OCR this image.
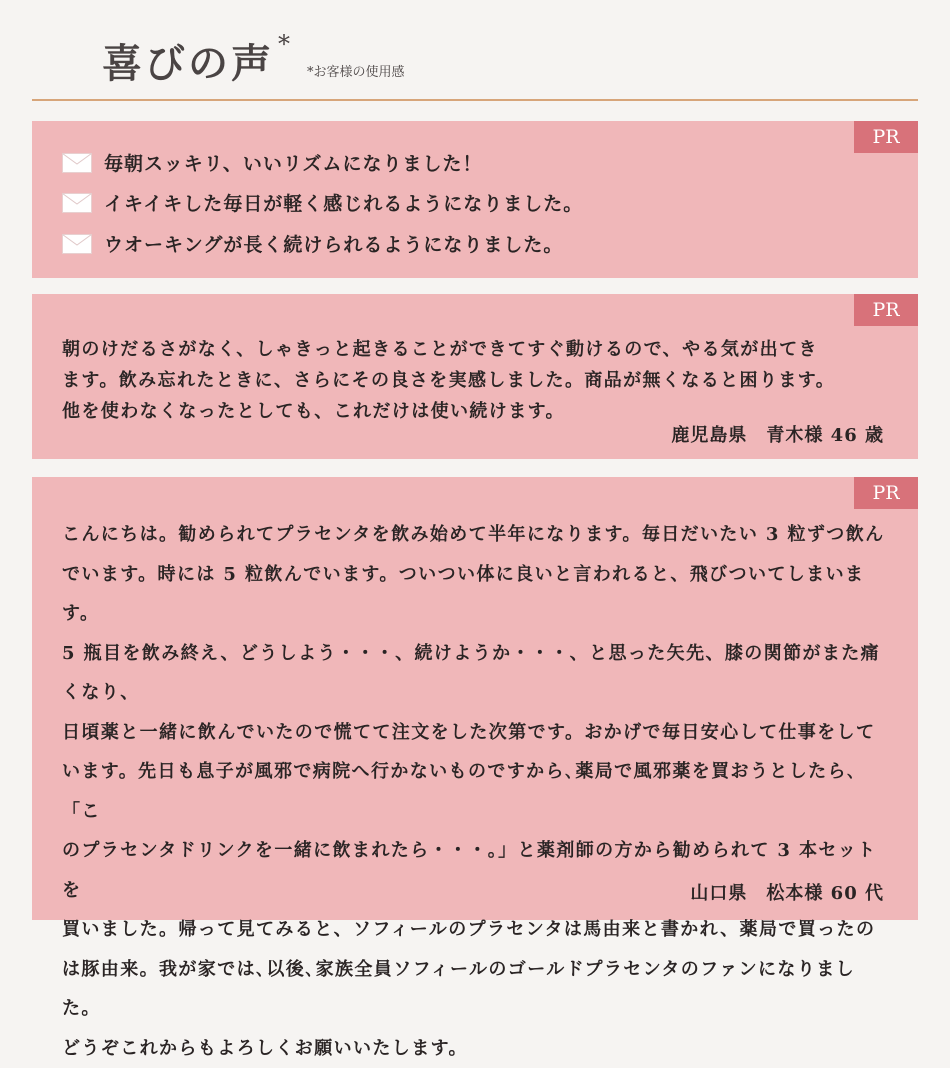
喜びの声 *
*お客様の使用感
PR
毎朝スッキリ、いいリズムになりました！
イキイキした毎日が軽く感じれるようになりました。
ウオーキングが長く続けられるようになりました。
PR
朝のけだるさがなく、しゃきっと起きることができてすぐ動けるので、やる気が出てき
ます。飲み忘れたときに、さらにその良さを実感しました。商品が無くなると困ります。
他を使わなくなったとしても、これだけは使い続けます。
鹿児島県　青木様 46 歳
PR
こんにちは。勧められてプラセンタを飲み始めて半年になります。毎日だいたい 3 粒ずつ飲ん
でいます。時には 5 粒飲んでいます。ついつい体に良いと言われると、飛びついてしまいます。
5 瓶目を飲み終え、どうしよう・・・、続けようか・・・、と思った矢先、膝の関節がまた痛くなり、
日頃薬と一緒に飲んでいたので慌てて注文をした次第です。おかげで毎日安心して仕事をして
います。先日も息子が風邪で病院へ行かないものですから､薬局で風邪薬を買おうとしたら､「こ
のプラセンタドリンクを一緒に飲まれたら・・・。」と薬剤師の方から勧められて 3 本セットを
買いました。帰って見てみると、ソフィールのプラセンタは馬由来と書かれ、薬局で買ったの
は豚由来。我が家では､以後､家族全員ソフィールのゴールドプラセンタのファンになりました。
どうぞこれからもよろしくお願いいたします。
山口県　松本様 60 代
